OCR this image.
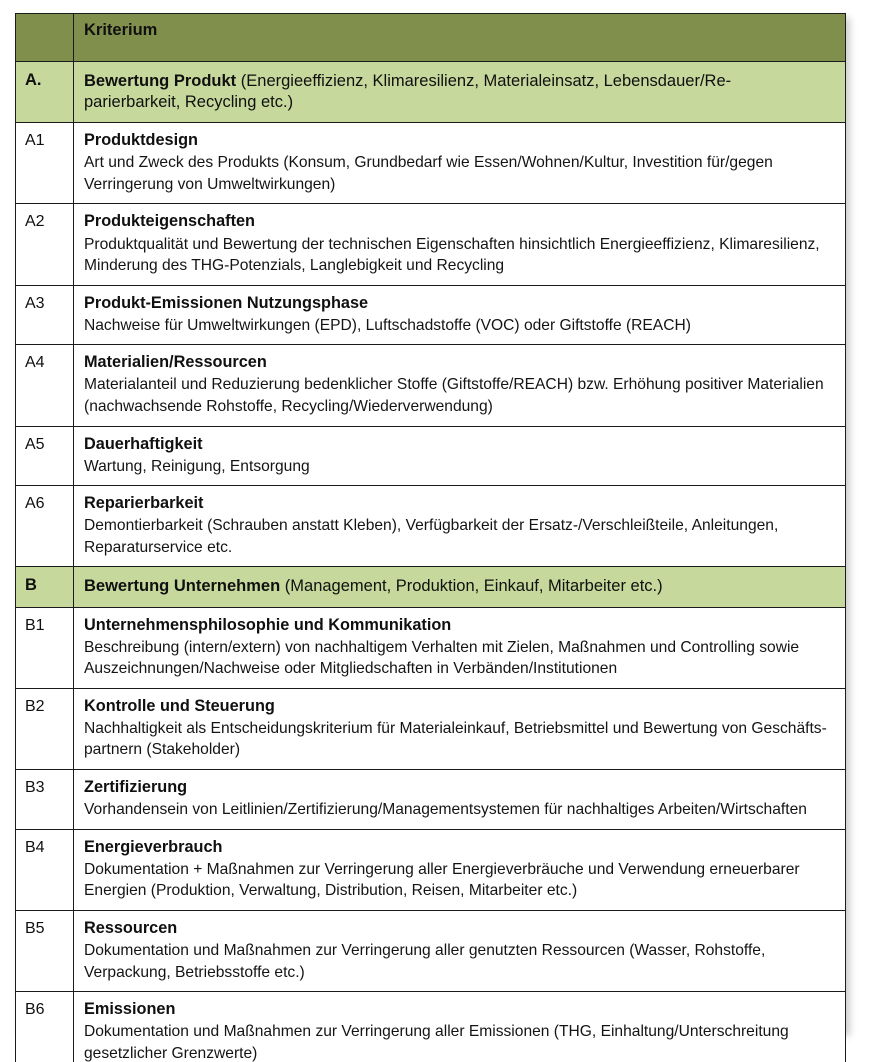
	Kriterium

A.	Bewertung Produkt (Energieeffizienz, Klimaresilienz, Materialeinsatz, Lebensdauer/Re-
parierbarkeit, Recycling etc.)

A1	Produktdesign
Art und Zweck des Produkts (Konsum, Grundbedarf wie Essen/Wohnen/Kultur, Investition für/gegen
Verringerung von Umweltwirkungen)

A2	Produkteigenschaften
Produktqualität und Bewertung der technischen Eigenschaften hinsichtlich Energieeffizienz, Klimaresilienz,
Minderung des THG-Potenzials, Langlebigkeit und Recycling

A3	Produkt-Emissionen Nutzungsphase
Nachweise für Umweltwirkungen (EPD), Luftschadstoffe (VOC) oder Giftstoffe (REACH)

A4	Materialien/Ressourcen
Materialanteil und Reduzierung bedenklicher Stoffe (Giftstoffe/REACH) bzw. Erhöhung positiver Materialien
(nachwachsende Rohstoffe, Recycling/Wiederverwendung)

A5	Dauerhaftigkeit
Wartung, Reinigung, Entsorgung

A6	Reparierbarkeit
Demontierbarkeit (Schrauben anstatt Kleben), Verfügbarkeit der Ersatz-/Verschleißteile, Anleitungen,
Reparaturservice etc.

B	Bewertung Unternehmen (Management, Produktion, Einkauf, Mitarbeiter etc.)

B1	Unternehmensphilosophie und Kommunikation
Beschreibung (intern/extern) von nachhaltigem Verhalten mit Zielen, Maßnahmen und Controlling sowie
Auszeichnungen/Nachweise oder Mitgliedschaften in Verbänden/Institutionen

B2	Kontrolle und Steuerung
Nachhaltigkeit als Entscheidungskriterium für Materialeinkauf, Betriebsmittel und Bewertung von Geschäfts-
partnern (Stakeholder)

B3	Zertifizierung
Vorhandensein von Leitlinien/Zertifizierung/Managementsystemen für nachhaltiges Arbeiten/Wirtschaften

B4	Energieverbrauch
Dokumentation + Maßnahmen zur Verringerung aller Energieverbräuche und Verwendung erneuerbarer
Energien (Produktion, Verwaltung, Distribution, Reisen, Mitarbeiter etc.)

B5	Ressourcen
Dokumentation und Maßnahmen zur Verringerung aller genutzten Ressourcen (Wasser, Rohstoffe,
Verpackung, Betriebsstoffe etc.)

B6	Emissionen
Dokumentation und Maßnahmen zur Verringerung aller Emissionen (THG, Einhaltung/Unterschreitung
gesetzlicher Grenzwerte)
